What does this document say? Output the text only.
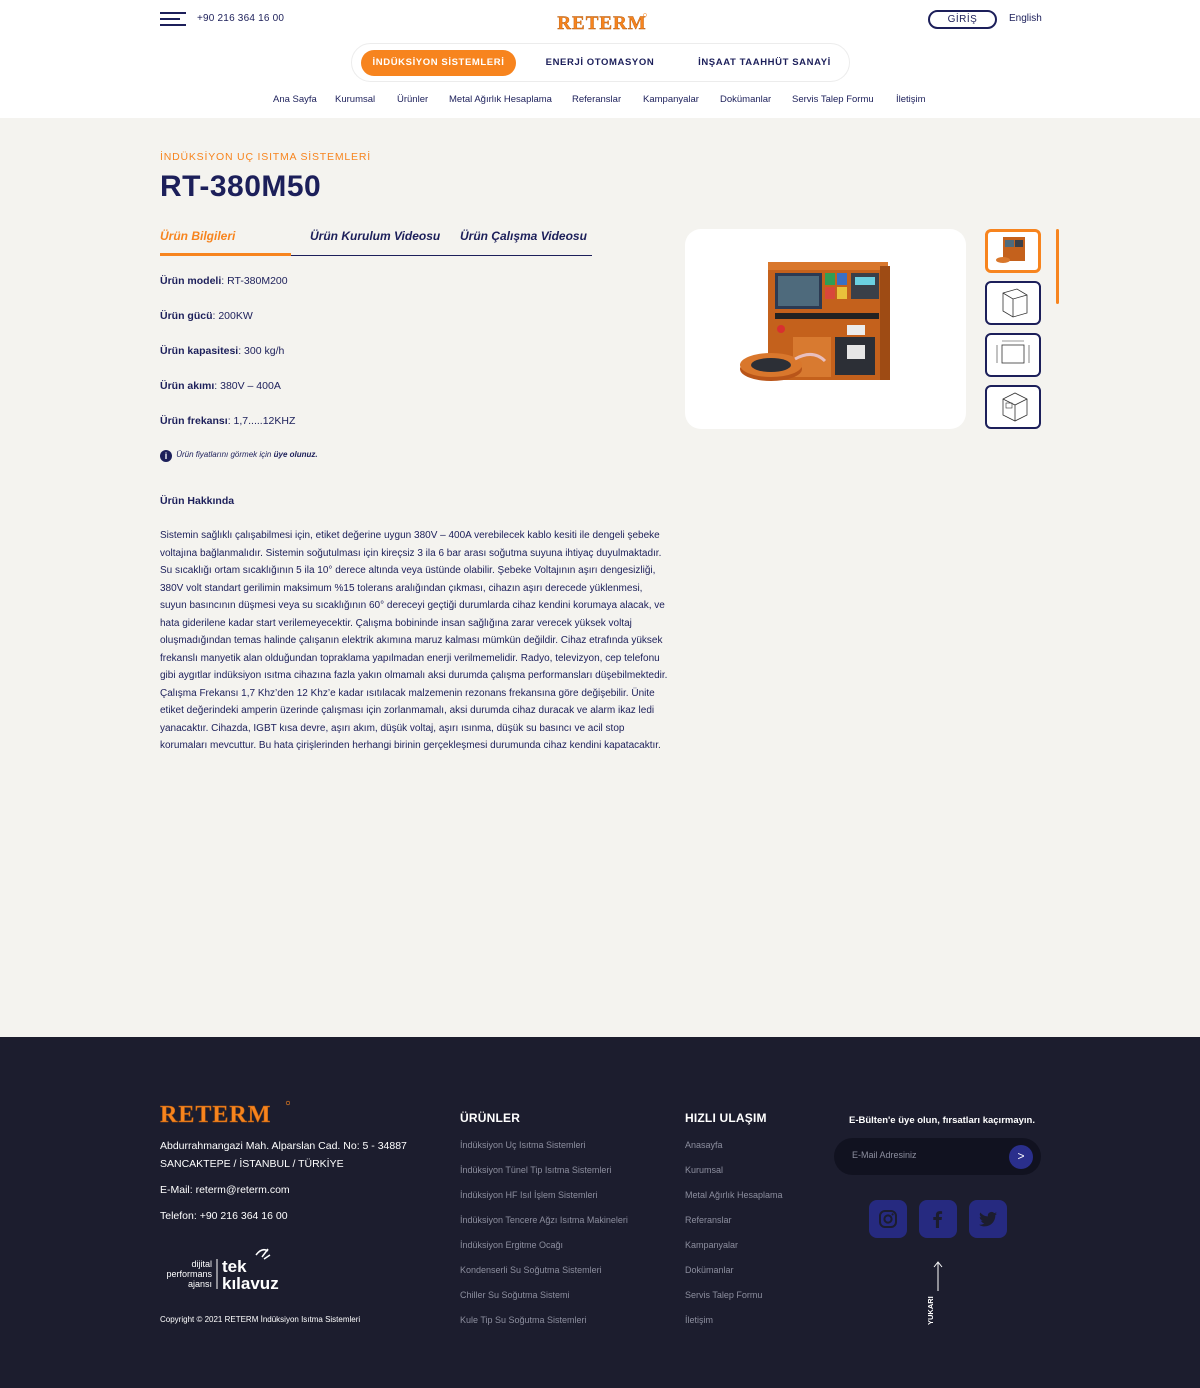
+90 216 364 16 00	RETERM	GİRİŞ	English
İNDÜKSİYON SİSTEMLERİ	ENERJİ OTOMASYON	İNŞAAT TAAHHÜT SANAYİ
Ana Sayfa Kurumsal Ürünler Metal Ağırlık Hesaplama Referanslar Kampanyalar Dokümanlar Servis Talep Formu İletişim
İNDÜKSİYON UÇ ISITMA SİSTEMLERİ
RT-380M50
Ürün Bilgileri	Ürün Kurulum Videosu Ürün Çalışma Videosu
Ürün modeli: RT-380M200
Ürün gücü: 200KW
Ürün kapasitesi: 300 kg/h
Ürün akımı: 380V – 400A
Ürün frekansı: 1,7.....12KHZ
i Ürün fiyatlarını görmek için üye olunuz.
Ürün Hakkında
Sistemin sağlıklı çalışabilmesi için, etiket değerine uygun 380V – 400A verebilecek kablo kesiti ile dengeli şebeke voltajına bağlanmalıdır. Sistemin soğutulması için kireçsiz 3 ila 6 bar arası soğutma suyuna ihtiyaç duyulmaktadır. Su sıcaklığı ortam sıcaklığının 5 ila 10° derece altında veya üstünde olabilir. Şebeke Voltajının aşırı dengesizliği, 380V volt standart gerilimin maksimum %15 tolerans aralığından çıkması, cihazın aşırı derecede yüklenmesi, suyun basıncının düşmesi veya su sıcaklığının 60° dereceyi geçtiği durumlarda cihaz kendini korumaya alacak, ve hata giderilene kadar start verilemeyecektir. Çalışma bobininde insan sağlığına zarar verecek yüksek voltaj oluşmadığından temas halinde çalışanın elektrik akımına maruz kalması mümkün değildir. Cihaz etrafında yüksek frekanslı manyetik alan olduğundan topraklama yapılmadan enerji verilmemelidir. Radyo, televizyon, cep telefonu gibi aygıtlar indüksiyon ısıtma cihazına fazla yakın olmamalı aksi durumda çalışma performansları düşebilmektedir. Çalışma Frekansı 1,7 Khz’den 12 Khz’e kadar ısıtılacak malzemenin rezonans frekansına göre değişebilir. Ünite etiket değerindeki amperin üzerinde çalışması için zorlanmamalı, aksi durumda cihaz duracak ve alarm ikaz ledi yanacaktır. Cihazda, IGBT kısa devre, aşırı akım, düşük voltaj, aşırı ısınma, düşük su basıncı ve acil stop korumaları mevcuttur. Bu hata çirişlerinden herhangi birinin gerçekleşmesi durumunda cihaz kendini kapatacaktır.
RETERM
Abdurrahmangazi Mah. Alparslan Cad. No: 5 - 34887
SANCAKTEPE / İSTANBUL / TÜRKİYE
E-Mail: reterm@reterm.com
Telefon: +90 216 364 16 00
dijital
performans
ajansı
tek
kılavuz
Copyright © 2021 RETERM İndüksiyon Isıtma Sistemleri
ÜRÜNLER
İndüksiyon Uç Isıtma Sistemleri
İndüksiyon Tünel Tip Isıtma Sistemleri
İndüksiyon HF Isıl İşlem Sistemleri
İndüksiyon Tencere Ağzı Isıtma Makineleri
İndüksiyon Ergitme Ocağı
Kondenserli Su Soğutma Sistemleri
Chiller Su Soğutma Sistemi
Kule Tip Su Soğutma Sistemleri
HIZLI ULAŞIM
Anasayfa
Kurumsal
Metal Ağırlık Hesaplama
Referanslar
Kampanyalar
Dokümanlar
Servis Talep Formu
İletişim
E-Bülten'e üye olun, fırsatları kaçırmayın.
E-Mail Adresiniz
>
YUKARI
